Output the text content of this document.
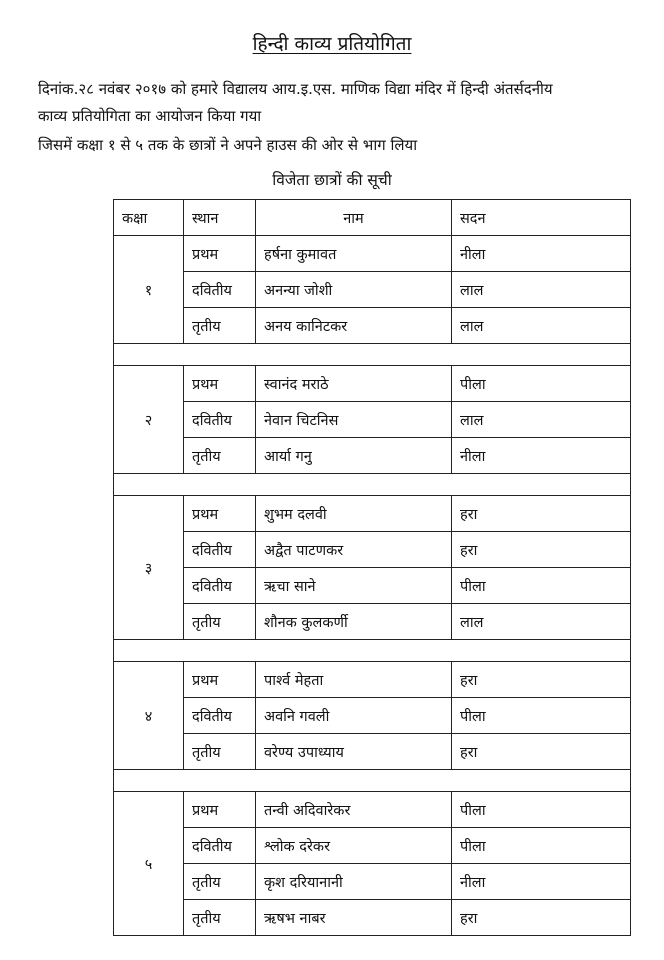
हिन्दी काव्य प्रतियोगिता
दिनांक.२८ नवंबर २०१७ को हमारे विद्यालय आय.इ.एस. माणिक विद्या मंदिर में हिन्दी अंतर्सदनीय
काव्य प्रतियोगिता का आयोजन किया गया
जिसमें कक्षा १ से ५ तक के छात्रों ने अपने हाउस की ओर से भाग लिया
विजेता छात्रों की सूची
कक्षा	स्थान	नाम	सदन
१	प्रथम	हर्षना कुमावत	नीला
	दवितीय	अनन्या जोशी	लाल
	तृतीय	अनय कानिटकर	लाल

२	प्रथम	स्वानंद मराठे	पीला
	दवितीय	नेवान चिटनिस	लाल
	तृतीय	आर्या गनु	नीला

३	प्रथम	शुभम दलवी	हरा
	दवितीय	अद्वैत पाटणकर	हरा
	दवितीय	ऋचा साने	पीला
	तृतीय	शौनक कुलकर्णी	लाल

४	प्रथम	पार्श्व मेहता	हरा
	दवितीय	अवनि गवली	पीला
	तृतीय	वरेण्य उपाध्याय	हरा

५	प्रथम	तन्वी अदिवारेकर	पीला
	दवितीय	श्लोक दरेकर	पीला
	तृतीय	कृश दरियानानी	नीला
	तृतीय	ऋषभ नाबर	हरा
